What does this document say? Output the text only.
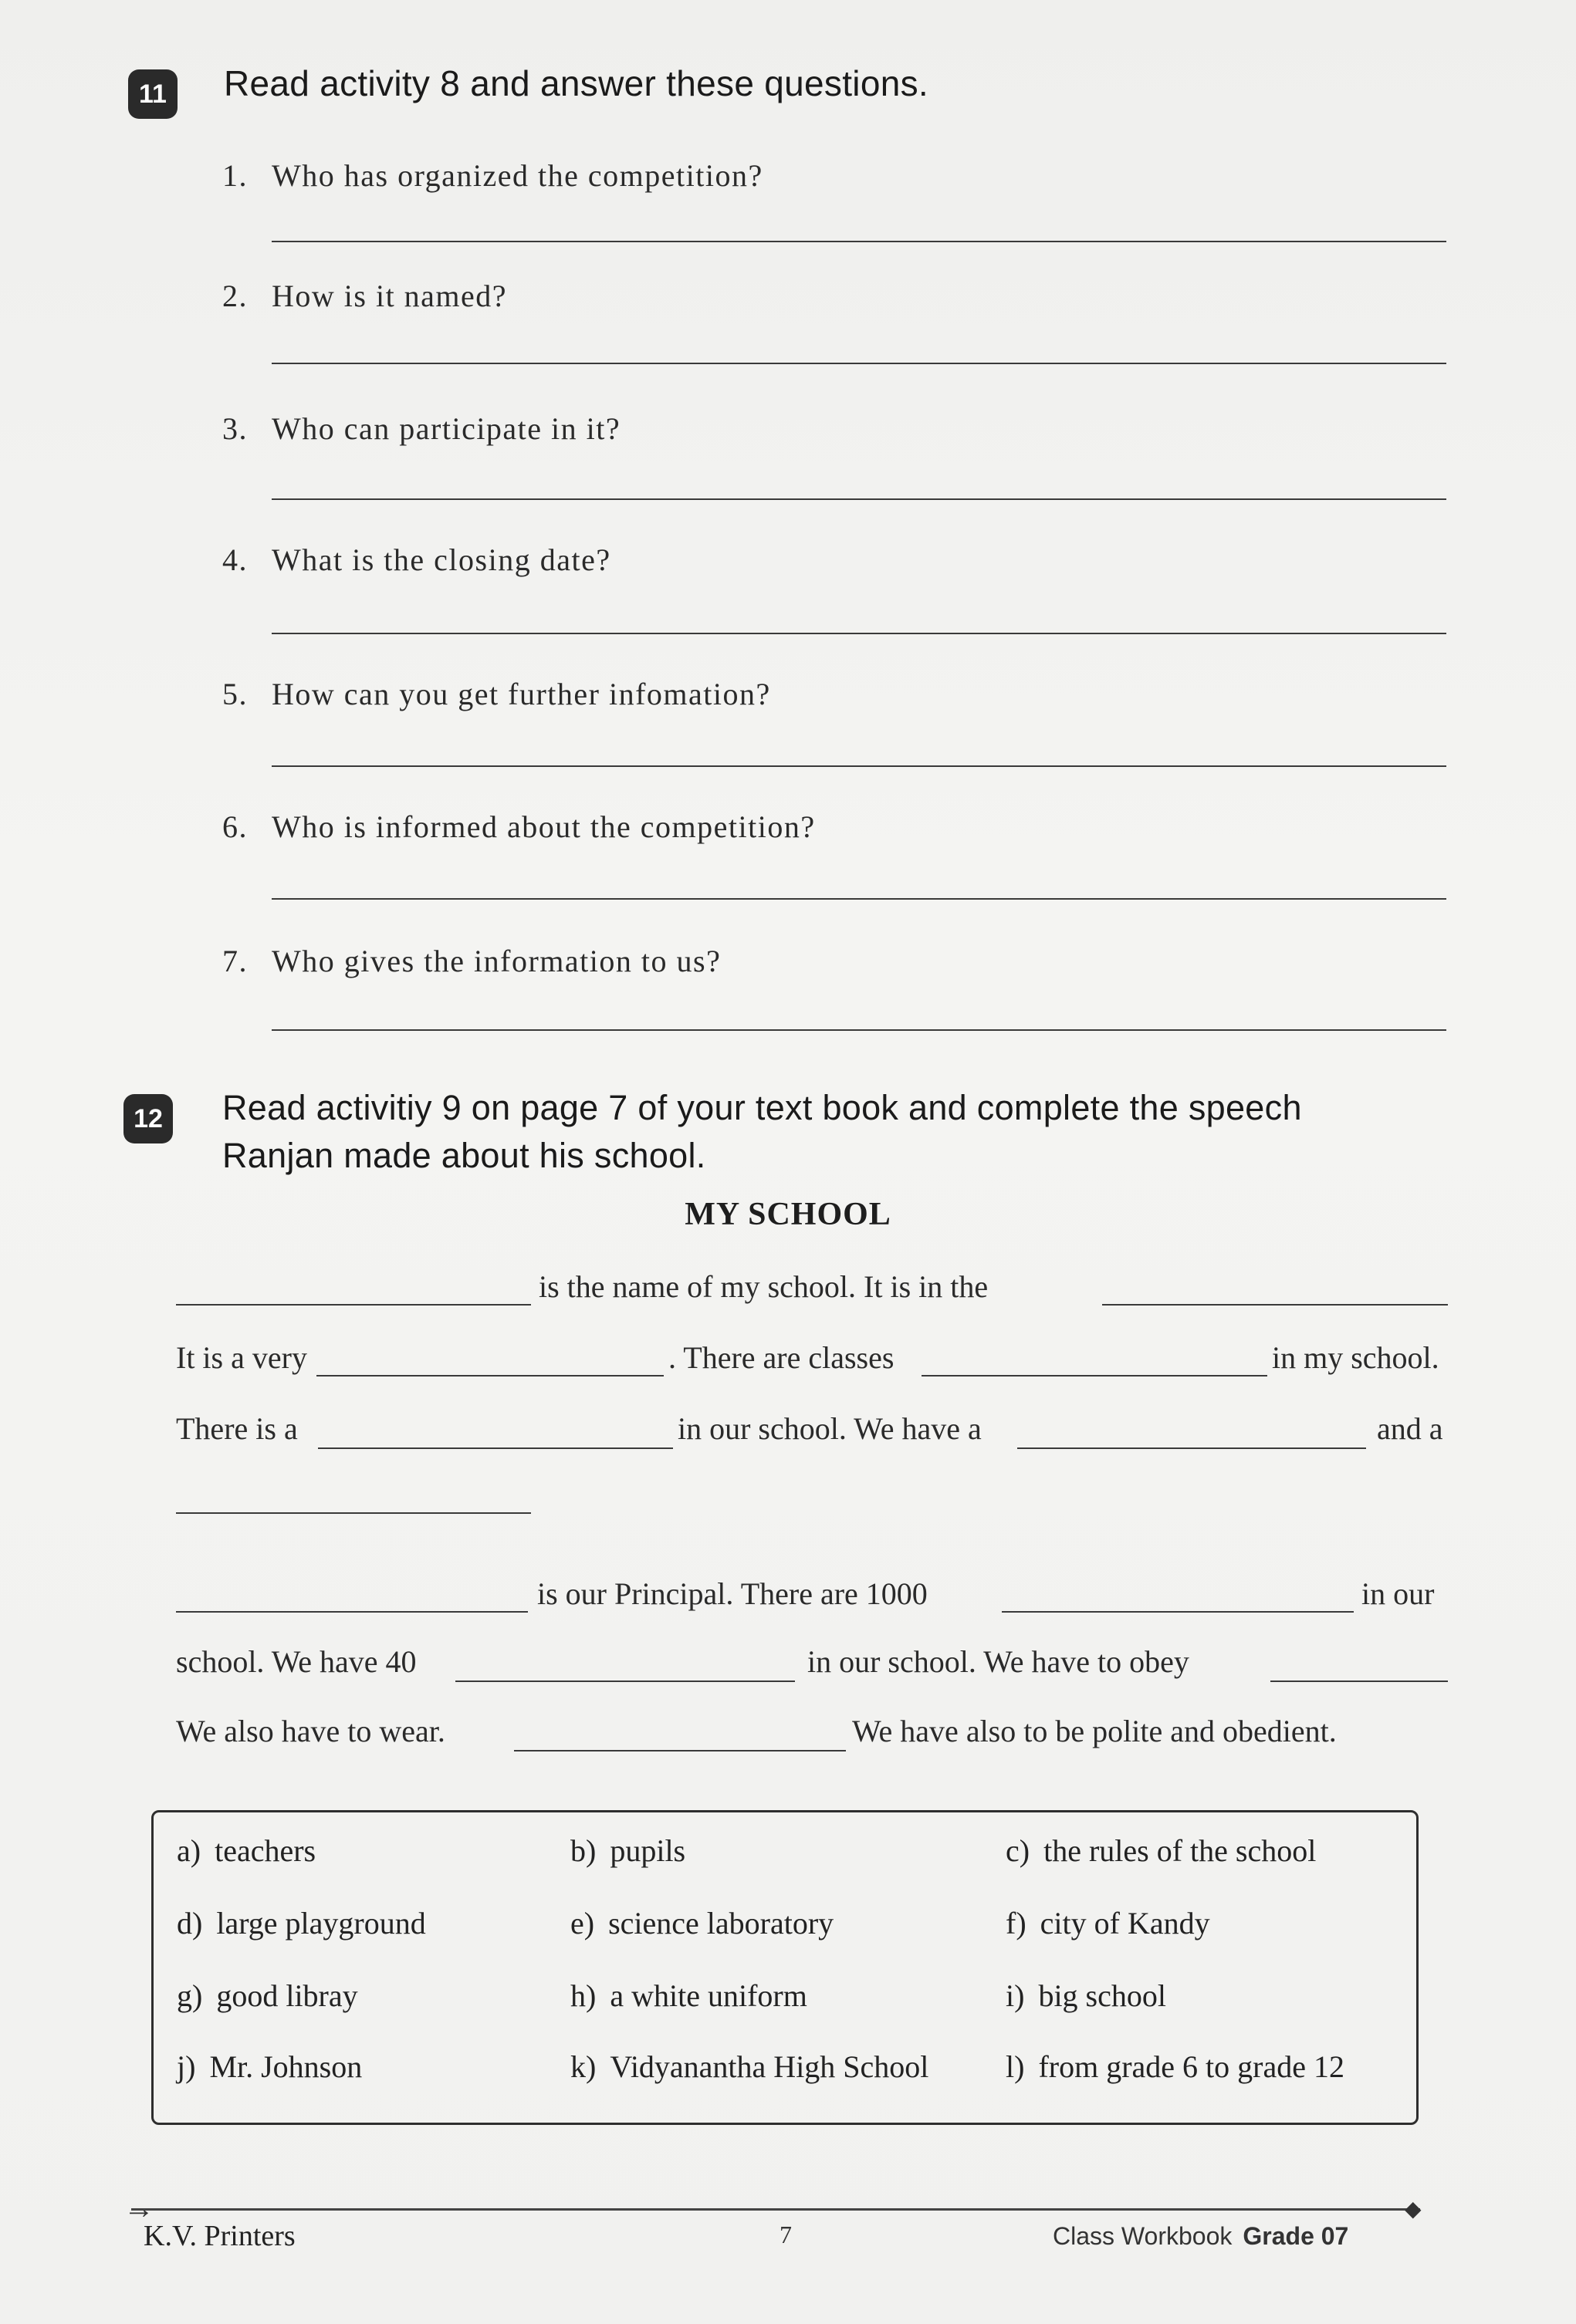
11	Read activity 8 and answer these questions.
1. Who has organized the competition?
2. How is it named?
3. Who can participate in it?
4. What is the closing date?
5. How can you get further infomation?
6. Who is informed about the competition?
7. Who gives the information to us?
12 Read activitiy 9 on page 7 of your text book and complete the speech
Ranjan made about his school.
MY SCHOOL
is the name of my school. It is in the
It is a very	. There are classes	in my school.
There is a	in our school. We have a	and a
is our Principal. There are 1000	in our
school. We have 40	in our school. We have to obey
We also have to wear.	We have also to be polite and obedient.
a) teachers	b) pupils	c) the rules of the school
d) large playground	e) science laboratory	f) city of Kandy
g) good libray	h) a white uniform	i) big school
j) Mr. Johnson	k) Vidyanantha High School l) from grade 6 to grade 12
→	◆
K.V. Printers	7	Class Workbook Grade 07
